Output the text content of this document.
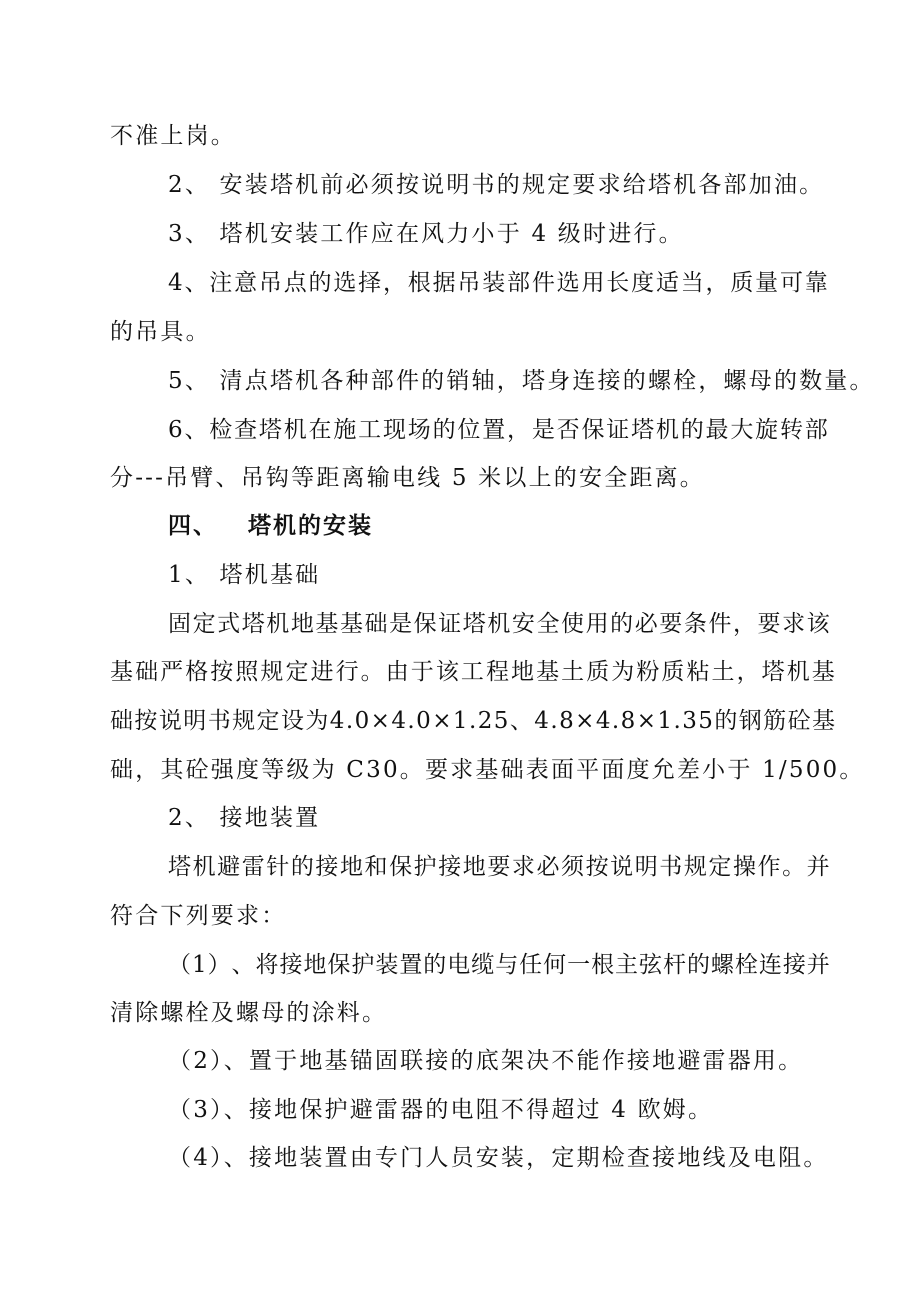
不准上岗。
2、 安装塔机前必须按说明书的规定要求给塔机各部加油。
3、 塔机安装工作应在风力小于 4 级时进行。
4 、 注 意 吊 点 的 选 择 ， 根 据 吊 装 部 件 选 用 长 度 适 当 ， 质 量 可 靠
的吊具。
5、 清点塔机各种部件的销轴，塔身连接的螺栓，螺母的数量。
6 、 检 查 塔 机 在 施 工 现 场 的 位 置 ， 是 否 保 证 塔 机 的 最 大 旋 转 部
分---吊臂、吊钩等距离输电线 5 米以上的安全距离。
四、   塔机的安装
1、 塔机基础
固 定 式 塔 机 地 基 基 础 是 保 证 塔 机 安 全 使 用 的 必 要 条 件 ， 要 求 该
基 础 严 格 按 照 规 定 进 行 。 由 于 该 工 程 地 基 土 质 为 粉 质 粘 土 ， 塔 机 基
础 按 说 明 书 规 定 设 为 4 . 0 × 4 . 0 × 1 . 2 5 、 4 . 8 × 4 . 8 × 1 . 3 5 的 钢 筋 砼 基
础，其砼强度等级为 C30。要求基础表面平面度允差小于 1/500。
2、 接地装置
塔 机 避 雷 针 的 接 地 和 保 护 接 地 要 求 必 须 按 说 明 书 规 定 操 作 。 并
符合下列要求：
（ 1 ） 、 将 接 地 保 护 装 置 的 电 缆 与 任 何 一 根 主 弦 杆 的 螺 栓 连 接 并
清除螺栓及螺母的涂料。
（2）、置于地基锚固联接的底架决不能作接地避雷器用。
（3）、接地保护避雷器的电阻不得超过 4 欧姆。
（4）、接地装置由专门人员安装，定期检查接地线及电阻。
